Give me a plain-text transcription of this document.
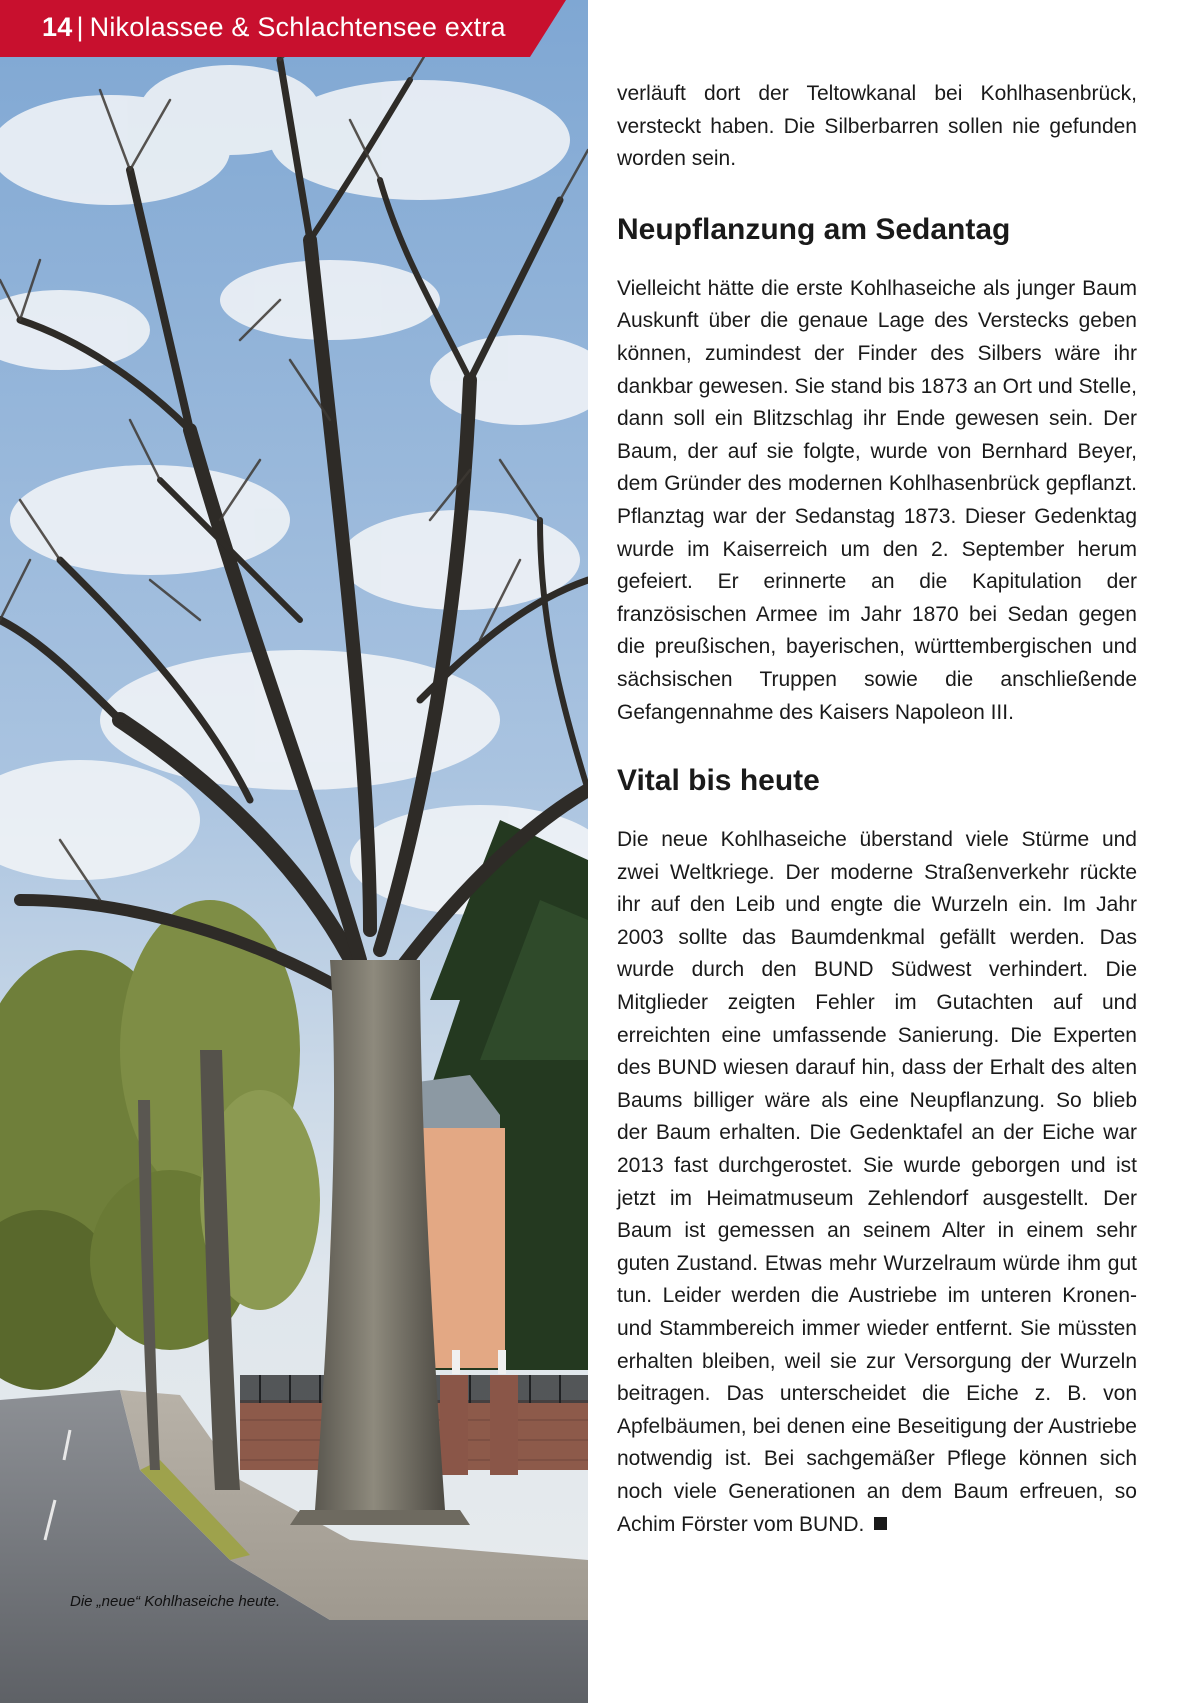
Die „neue“ Kohlhaseiche heute.
14 | Nikolassee & Schlachtensee extra

verläuft dort der Teltowkanal bei Kohlhasenbrück, versteckt haben. Die Silberbarren sollen nie gefunden worden sein.

Neupflanzung am Sedantag

Vielleicht hätte die erste Kohlhaseiche als junger Baum Auskunft über die genaue Lage des Verstecks geben können, zumindest der Finder des Silbers wäre ihr dankbar gewesen. Sie stand bis 1873 an Ort und Stelle, dann soll ein Blitzschlag ihr Ende gewesen sein. Der Baum, der auf sie folgte, wurde von Bernhard Beyer, dem Gründer des modernen Kohlhasenbrück gepflanzt. Pflanztag war der Sedanstag 1873. Dieser Gedenktag wurde im Kaiserreich um den 2. September herum gefeiert. Er erinnerte an die Kapitulation der französischen Armee im Jahr 1870 bei Sedan gegen die preußischen, bayerischen, württembergischen und sächsischen Truppen sowie die anschließende Gefangennahme des Kaisers Napoleon III.

Vital bis heute

Die neue Kohlhaseiche überstand viele Stürme und zwei Weltkriege. Der moderne Straßenverkehr rückte ihr auf den Leib und engte die Wurzeln ein. Im Jahr 2003 sollte das Baumdenkmal gefällt werden. Das wurde durch den BUND Südwest verhindert. Die Mitglieder zeigten Fehler im Gutachten auf und erreichten eine umfassende Sanierung. Die Experten des BUND wiesen darauf hin, dass der Erhalt des alten Baums billiger wäre als eine Neupflanzung. So blieb der Baum erhalten. Die Gedenktafel an der Eiche war 2013 fast durchgerostet. Sie wurde geborgen und ist jetzt im Heimatmuseum Zehlendorf ausgestellt. Der Baum ist gemessen an seinem Alter in einem sehr guten Zustand. Etwas mehr Wurzelraum würde ihm gut tun. Leider werden die Austriebe im unteren Kronen- und Stammbereich immer wieder entfernt. Sie müssten erhalten bleiben, weil sie zur Versorgung der Wurzeln beitragen. Das unterscheidet die Eiche z. B. von Apfelbäumen, bei denen eine Beseitigung der Austriebe notwendig ist. Bei sachgemäßer Pflege können sich noch viele Generationen an dem Baum erfreuen, so Achim Förster vom BUND.
